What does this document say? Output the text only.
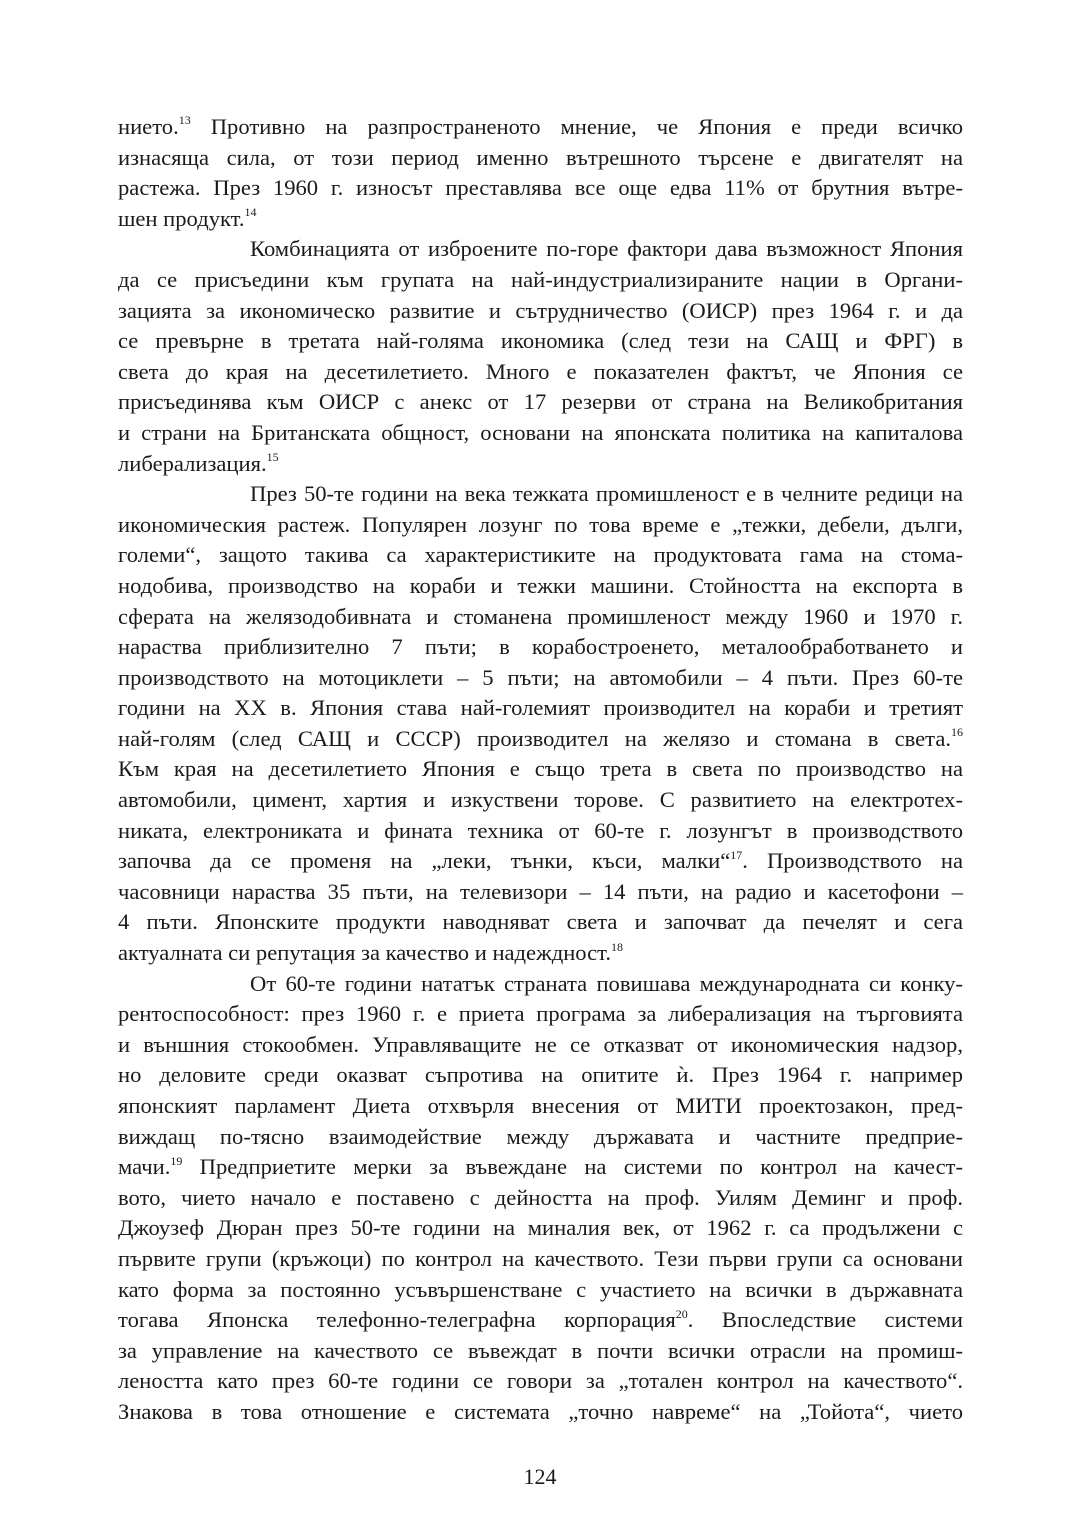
нието.$^{13}$ Противно на разпространеното мнение, че Япония е преди всичко
изнасяща сила, от този период именно вътрешното търсене е двигателят на
растежа. През 1960 г. износът преставлява все още едва 11% от брутния вътре-
шен продукт.$^{14}$
Комбинацията от изброените по-горе фактори дава възможност Япония
да се присъедини към групата на най-индустриализираните нации в Органи-
зацията за икономическо развитие и сътрудничество (ОИСР) през 1964 г. и да
се превърне в третата най-голяма икономика (след тези на САЩ и ФРГ) в
света до края на десетилетието. Много е показателен фактът, че Япония се
присъединява към ОИСР с анекс от 17 резерви от страна на Великобритания
и страни на Британската общност, основани на японската политика на капиталова
либерализация.$^{15}$
През 50-те години на века тежката промишленост е в челните редици на
икономическия растеж. Популярен лозунг по това време е „тежки, дебели, дълги,
големи“, защото такива са характеристиките на продуктовата гама на стома-
нодобива, производство на кораби и тежки машини. Стойността на експорта в
сферата на желязодобивната и стоманена промишленост между 1960 и 1970 г.
нараства приблизително 7 пъти; в корабостроенето, металообработването и
производството на мотоциклети – 5 пъти; на автомобили – 4 пъти. През 60-те
години на XX в. Япония става най-големият производител на кораби и третият
най-голям (след САЩ и СССР) производител на желязо и стомана в света.$^{16}$
Към края на десетилетието Япония е също трета в света по производство на
автомобили, цимент, хартия и изкуствени торове. С развитието на електротех-
никата, електрониката и фината техника от 60-те г. лозунгът в производството
започва да се променя на „леки, тънки, къси, малки“$^{17}$. Производството на
часовници нараства 35 пъти, на телевизори – 14 пъти, на радио и касетофони –
4 пъти. Японските продукти наводняват света и започват да печелят и сега
актуалната си репутация за качество и надеждност.$^{18}$
От 60-те години нататък страната повишава международната си конку-
рентоспособност: през 1960 г. е приета програма за либерализация на търговията
и външния стокообмен. Управляващите не се отказват от икономическия надзор,
но деловите среди оказват съпротива на опитите ѝ. През 1964 г. например
японският парламент Диета отхвърля внесения от МИТИ проектозакон, пред-
виждащ по-тясно взаимодействие между държавата и частните предприе-
мачи.$^{19}$ Предприетите мерки за въвеждане на системи по контрол на качест-
вото, чието начало е поставено с дейността на проф. Уилям Деминг и проф.
Джоузеф Дюран през 50-те години на миналия век, от 1962 г. са продължени с
първите групи (кръжоци) по контрол на качеството. Тези първи групи са основани
като форма за постоянно усъвършенстване с участието на всички в държавната
тогава Японска телефонно-телеграфна корпорация$^{20}$. Впоследствие системи
за управление на качеството се въвеждат в почти всички отрасли на промиш-
леността като през 60-те години се говори за „тотален контрол на качеството“.
Знакова в това отношение е системата „точно навреме“ на „Тойота“, чието
124
